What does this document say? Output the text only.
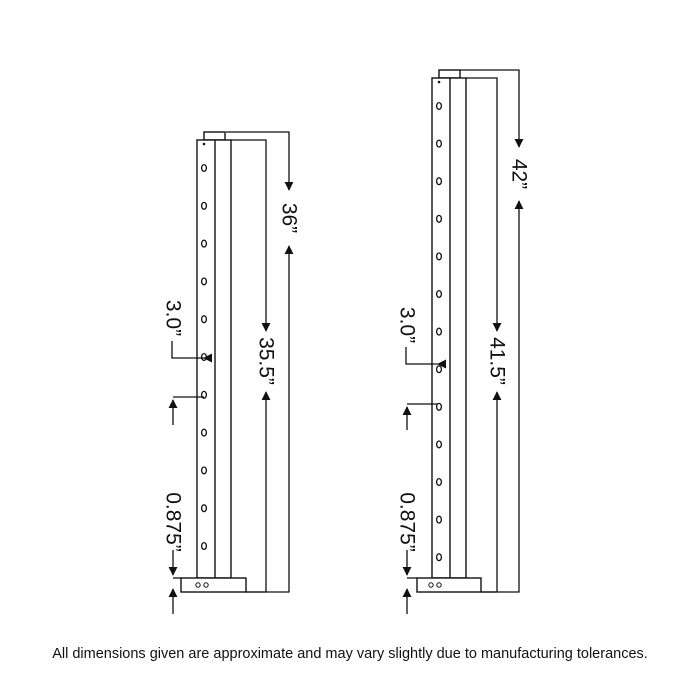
36”
35.5”
3.0”
0.875”
42”
41.5”
3.0”
0.875”
All dimensions given are approximate and may vary slightly due to manufacturing tolerances.
